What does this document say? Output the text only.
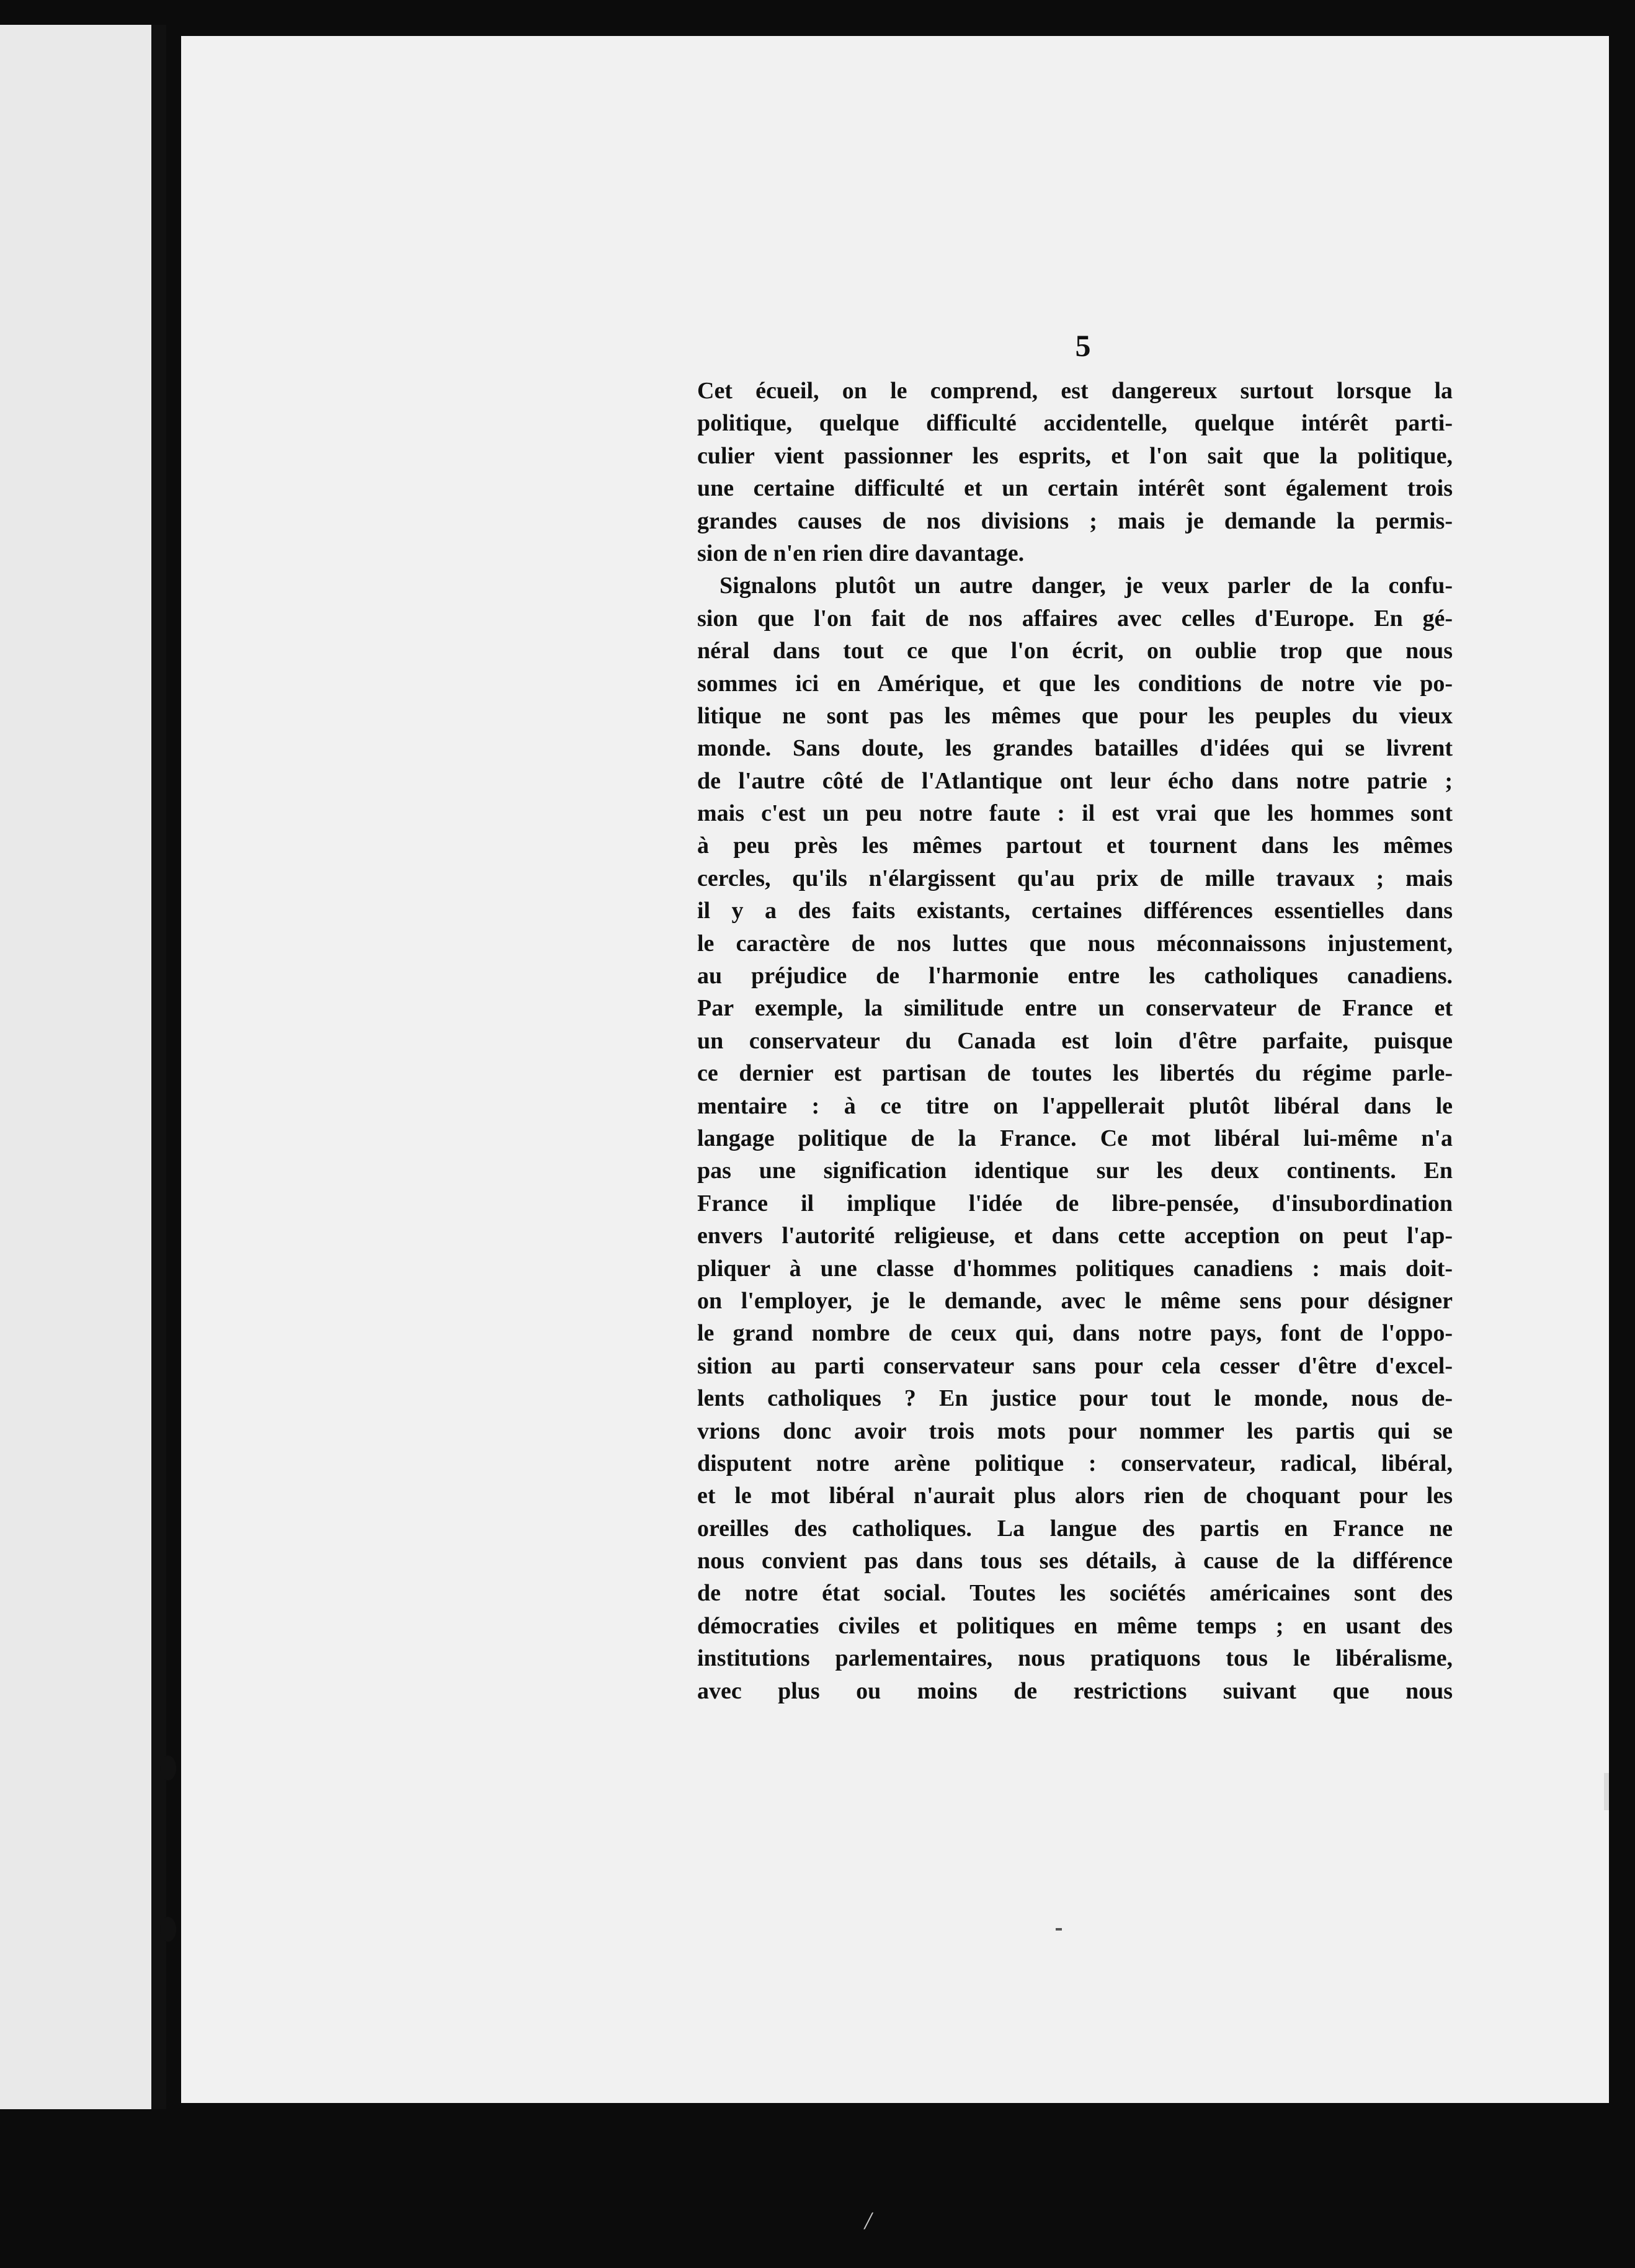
5
Cet écueil, on le comprend, est dangereux surtout lorsque la
politique, quelque difficulté accidentelle, quelque intérêt parti-
culier vient passionner les esprits, et l'on sait que la politique,
une certaine difficulté et un certain intérêt sont également trois
grandes causes de nos divisions ; mais je demande la permis-
sion de n'en rien dire davantage.
Signalons plutôt un autre danger, je veux parler de la confu-
sion que l'on fait de nos affaires avec celles d'Europe. En gé-
néral dans tout ce que l'on écrit, on oublie trop que nous
sommes ici en Amérique, et que les conditions de notre vie po-
litique ne sont pas les mêmes que pour les peuples du vieux
monde. Sans doute, les grandes batailles d'idées qui se livrent
de l'autre côté de l'Atlantique ont leur écho dans notre patrie ;
mais c'est un peu notre faute : il est vrai que les hommes sont
à peu près les mêmes partout et tournent dans les mêmes
cercles, qu'ils n'élargissent qu'au prix de mille travaux ; mais
il y a des faits existants, certaines différences essentielles dans
le caractère de nos luttes que nous méconnaissons injustement,
au préjudice de l'harmonie entre les catholiques canadiens.
Par exemple, la similitude entre un conservateur de France et
un conservateur du Canada est loin d'être parfaite, puisque
ce dernier est partisan de toutes les libertés du régime parle-
mentaire : à ce titre on l'appellerait plutôt libéral dans le
langage politique de la France. Ce mot libéral lui-même n'a
pas une signification identique sur les deux continents. En
France il implique l'idée de libre-pensée, d'insubordination
envers l'autorité religieuse, et dans cette acception on peut l'ap-
pliquer à une classe d'hommes politiques canadiens : mais doit-
on l'employer, je le demande, avec le même sens pour désigner
le grand nombre de ceux qui, dans notre pays, font de l'oppo-
sition au parti conservateur sans pour cela cesser d'être d'excel-
lents catholiques ? En justice pour tout le monde, nous de-
vrions donc avoir trois mots pour nommer les partis qui se
disputent notre arène politique : conservateur, radical, libéral,
et le mot libéral n'aurait plus alors rien de choquant pour les
oreilles des catholiques. La langue des partis en France ne
nous convient pas dans tous ses détails, à cause de la différence
de notre état social. Toutes les sociétés américaines sont des
démocraties civiles et politiques en même temps ; en usant des
institutions parlementaires, nous pratiquons tous le libéralisme,
avec plus ou moins de restrictions suivant que nous
/
